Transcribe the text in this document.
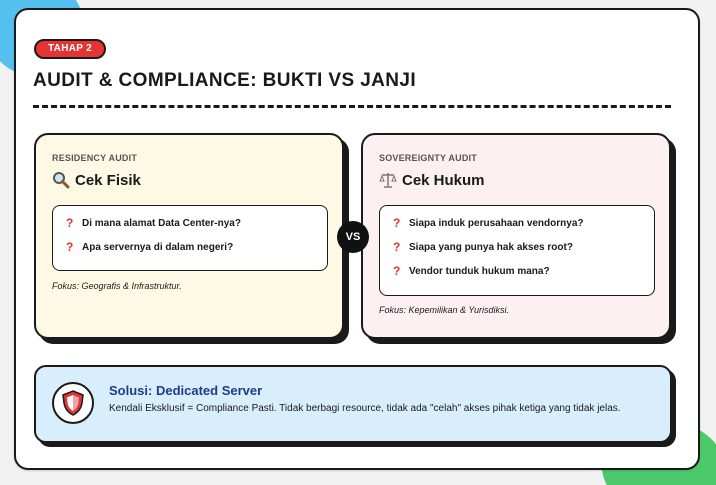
TAHAP 2
AUDIT & COMPLIANCE: BUKTI VS JANJI
RESIDENCY AUDIT
Cek Fisik
? Di mana alamat Data Center-nya?
? Apa servernya di dalam negeri?
Fokus: Geografis & Infrastruktur.
VS
SOVEREIGNTY AUDIT
Cek Hukum
? Siapa induk perusahaan vendornya?
? Siapa yang punya hak akses root?
? Vendor tunduk hukum mana?
Fokus: Kepemilikan & Yurisdiksi.
Solusi: Dedicated Server
Kendali Eksklusif = Compliance Pasti. Tidak berbagi resource, tidak ada "celah" akses pihak ketiga yang tidak jelas.
